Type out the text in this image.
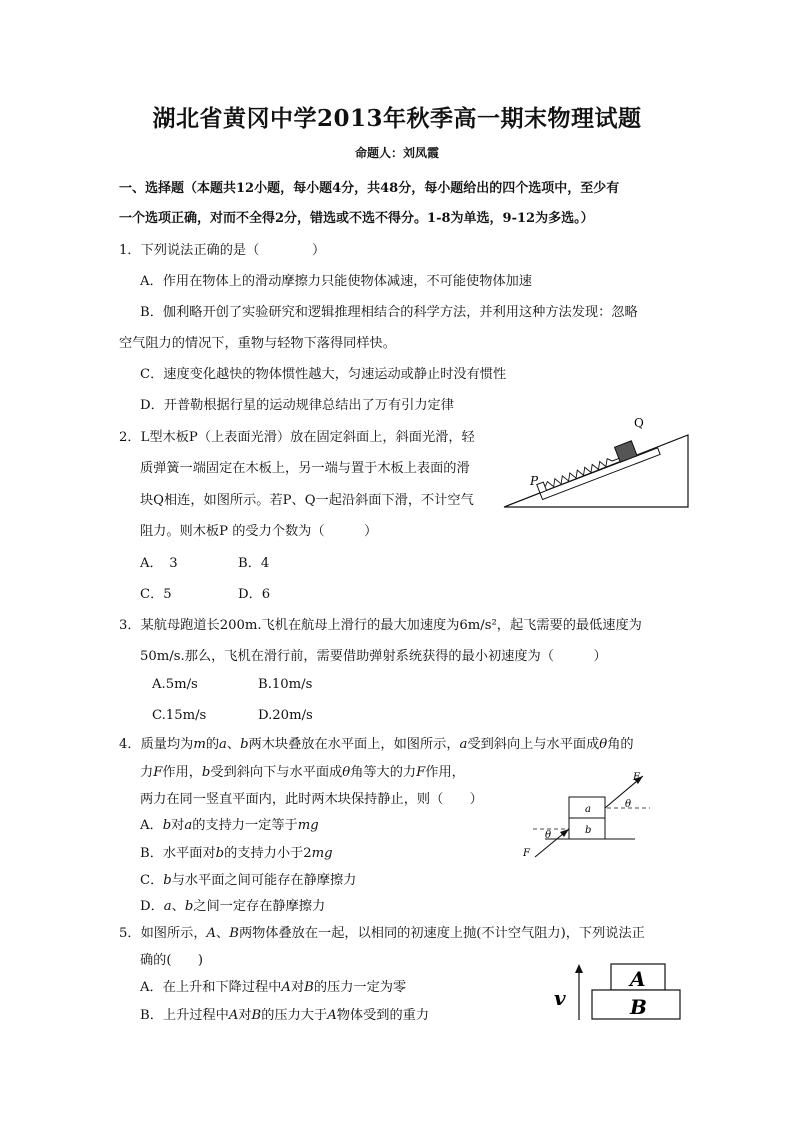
湖北省黄冈中学2013年秋季高一期末物理试题
命题人：刘凤霞
一、选择题（本题共12小题，每小题4分，共48分，每小题给出的四个选项中，至少有
一个选项正确，对而不全得2分，错选或不选不得分。1-8为单选，9-12为多选。）
1．下列说法正确的是（　　　　）
A．作用在物体上的滑动摩擦力只能使物体减速，不可能使物体加速
B．伽利略开创了实验研究和逻辑推理相结合的科学方法，并利用这种方法发现：忽略
空气阻力的情况下，重物与轻物下落得同样快。
C．速度变化越快的物体惯性越大，匀速运动或静止时没有惯性
D．开普勒根据行星的运动规律总结出了万有引力定律
2．L型木板P（上表面光滑）放在固定斜面上，斜面光滑，轻
质弹簧一端固定在木板上，另一端与置于木板上表面的滑
块Q相连，如图所示。若P、Q一起沿斜面下滑，不计空气
阻力。则木板P 的受力个数为（　　　）
A．　3	B．4
C．5	D．6
P
Q
3．某航母跑道长200m.飞机在航母上滑行的最大加速度为6m/s²，起飞需要的最低速度为
50m/s.那么，飞机在滑行前，需要借助弹射系统获得的最小初速度为（　　　）
A.5m/s	B.10m/s
C.15m/s	D.20m/s
4．质量均为m的a、b两木块叠放在水平面上，如图所示，a受到斜向上与水平面成θ角的
力F作用，b受到斜向下与水平面成θ角等大的力F作用，
两力在同一竖直平面内，此时两木块保持静止，则（　　）
A．b对a的支持力一定等于mg
B．水平面对b的支持力小于2mg
C．b与水平面之间可能存在静摩擦力
D．a、b之间一定存在静摩擦力
a
b
F
F
θ
θ
5．如图所示，A、B两物体叠放在一起，以相同的初速度上抛(不计空气阻力)，下列说法正
确的(　　)
A．在上升和下降过程中A对B的压力一定为零
B．上升过程中A对B的压力大于A物体受到的重力
v
A
B
